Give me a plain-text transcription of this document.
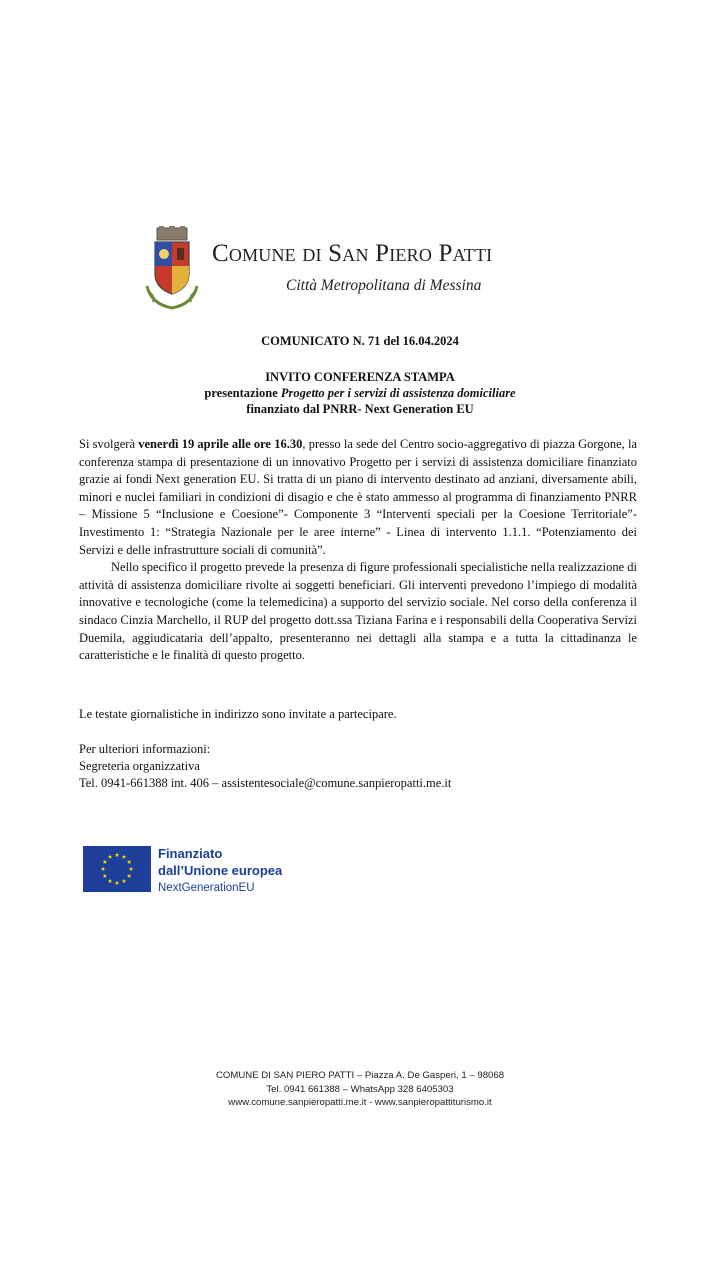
Comune di San Piero Patti
Città Metropolitana di Messina
COMUNICATO N. 71 del 16.04.2024
INVITO CONFERENZA STAMPA
presentazione Progetto per i servizi di assistenza domiciliare
finanziato dal PNRR- Next Generation EU

Si svolgerà venerdì 19 aprile alle ore 16.30, presso la sede del Centro socio-aggregativo di piazza Gorgone, la conferenza stampa di presentazione di un innovativo Progetto per i servizi di assistenza domiciliare finanziato grazie ai fondi Next generation EU. Si tratta di un piano di intervento destinato ad anziani, diversamente abili, minori e nuclei familiari in condizioni di disagio e che è stato ammesso al programma di finanziamento PNRR – Missione 5 “Inclusione e Coesione”- Componente 3 “Interventi speciali per la Coesione Territoriale”- Investimento 1: “Strategia Nazionale per le aree interne” - Linea di intervento 1.1.1. “Potenziamento dei Servizi e delle infrastrutture sociali di comunità”.

Nello specifico il progetto prevede la presenza di figure professionali specialistiche nella realizzazione di attività di assistenza domiciliare rivolte ai soggetti beneficiari. Gli interventi prevedono l’impiego di modalità innovative e tecnologiche (come la telemedicina) a supporto del servizio sociale. Nel corso della conferenza il sindaco Cinzia Marchello, il RUP del progetto dott.ssa Tiziana Farina e i responsabili della Cooperativa Servizi Duemila, aggiudicataria dell’appalto, presenteranno nei dettagli alla stampa e a tutta la cittadinanza le caratteristiche e le finalità di questo progetto.

Le testate giornalistiche in indirizzo sono invitate a partecipare.
Per ulteriori informazioni:
Segreteria organizzativa
Tel. 0941-661388 int. 406 – assistentesociale@comune.sanpieropatti.me.it
Finanziato
dall’Unione europea
NextGenerationEU
COMUNE DI SAN PIERO PATTI – Piazza A. De Gasperi, 1 – 98068
Tel. 0941 661388 – WhatsApp 328 6405303
www.comune.sanpieropatti.me.it - www.sanpieropattiturismo.it
